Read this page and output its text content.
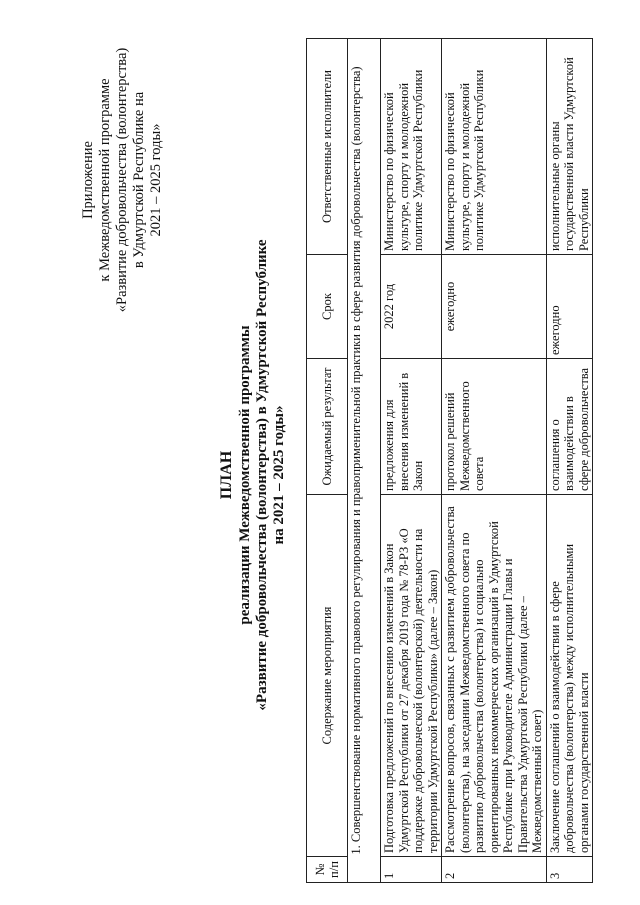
Приложение к Межведомственной программе «Развитие добровольчества (волонтерства) в Удмуртской Республике на 2021 – 2025 годы»
ПЛАН реализации Межведомственной программы «Развитие добровольчества (волонтерства) в Удмуртской Республике на 2021 – 2025 годы»
№ п/п	Содержание мероприятия	Ожидаемый результат	Срок	Ответственные исполнители
1. Совершенствование нормативного правового регулирования и правоприменительной практики в сфере развития добровольчества (волонтерства)				
1	Подготовка предложений по внесению изменений в Закон Удмуртской Республики от 27 декабря 2019 года № 78-РЗ «О поддержке добровольческой (волонтерской) деятельности на территории Удмуртской Республики» (далее – Закон)	предложения для внесения изменений в Закон	2022 год	Министерство по физической культуре, спорту и молодежной политике Удмуртской Республики
2	Рассмотрение вопросов, связанных с развитием добровольчества (волонтерства), на заседании Межведомственного совета по развитию добровольчества (волонтерства) и социально ориентированных некоммерческих организаций в Удмуртской Республике при Руководителе Администрации Главы и Правительства Удмуртской Республики (далее – Межведомственный совет)	протокол решений Межведомственного совета	ежегодно	Министерство по физической культуре, спорту и молодежной политике Удмуртской Республики
3	Заключение соглашений о взаимодействии в сфере добровольчества (волонтерства) между исполнительными органами государственной власти	соглашения о взаимодействии в сфере добровольчества	ежегодно	исполнительные органы государственной власти Удмуртской Республики
